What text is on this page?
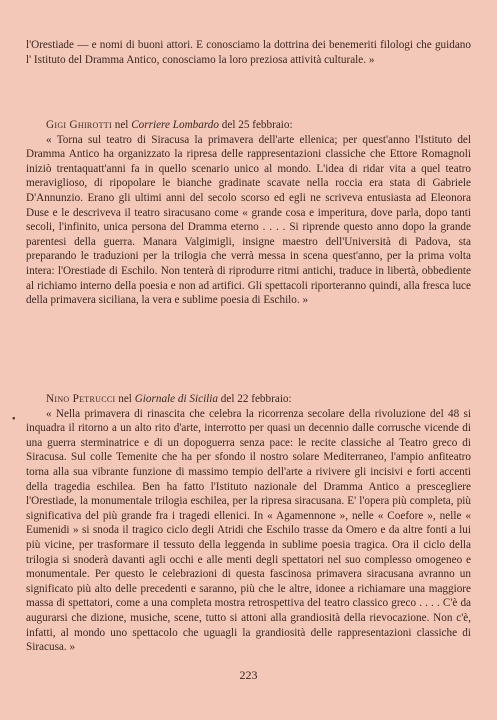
l'Orestiade — e nomi di buoni attori. E conosciamo la dottrina dei benemeriti filologi che guidano l' Istituto del Dramma Antico, conosciamo la loro preziosa attività culturale. »

Gigi Ghirotti nel Corriere Lombardo del 25 febbraio:

« Torna sul teatro di Siracusa la primavera dell'arte ellenica; per quest'anno l'Istituto del Dramma Antico ha organizzato la ripresa delle rappresentazioni classiche che Ettore Romagnoli iniziò trentaquatt'anni fa in quello scenario unico al mondo. L'idea di ridar vita a quel teatro meraviglioso, di ripopolare le bianche gradinate scavate nella roccia era stata di Gabriele D'Annunzio. Erano gli ultimi anni del secolo scorso ed egli ne scriveva entusiasta ad Eleonora Duse e le descriveva il teatro siracusano come « grande cosa e imperitura, dove parla, dopo tanti secoli, l'infinito, unica persona del Dramma eterno . . . . Si riprende questo anno dopo la grande parentesi della guerra. Manara Valgimigli, insigne maestro dell'Università di Padova, sta preparando le traduzioni per la trilogia che verrà messa in scena quest'anno, per la prima volta intera: l'Orestiade di Eschilo. Non tenterà di riprodurre ritmi antichi, traduce in libertà, obbediente al richiamo interno della poesia e non ad artifici. Gli spettacoli riporteranno quindi, alla fresca luce della primavera siciliana, la vera e sublime poesia di Eschilo. »

•

Nino Petrucci nel Giornale di Sicilia del 22 febbraio:

« Nella primavera di rinascita che celebra la ricorrenza secolare della rivoluzione del 48 si inquadra il ritorno a un alto rito d'arte, interrotto per quasi un decennio dalle corrusche vicende di una guerra sterminatrice e di un dopoguerra senza pace: le recite classiche al Teatro greco di Siracusa. Sul colle Temenite che ha per sfondo il nostro solare Mediterraneo, l'ampio anfiteatro torna alla sua vibrante funzione di massimo tempio dell'arte a rivivere gli incisivi e forti accenti della tragedia eschilea. Ben ha fatto l'Istituto nazionale del Dramma Antico a prescegliere l'Orestiade, la monumentale trilogia eschilea, per la ripresa siracusana. E' l'opera più completa, più significativa del più grande fra i tragedi ellenici. In « Agamennone », nelle « Coefore », nelle « Eumenidi » si snoda il tragico ciclo degli Atridi che Eschilo trasse da Omero e da altre fonti a lui più vicine, per trasformare il tessuto della leggenda in sublime poesia tragica. Ora il ciclo della trilogia si snoderà davanti agli occhi e alle menti degli spettatori nel suo complesso omogeneo e monumentale. Per questo le celebrazioni di questa fascinosa primavera siracusana avranno un significato più alto delle precedenti e saranno, più che le altre, idonee a richiamare una maggiore massa di spettatori, come a una completa mostra retrospettiva del teatro classico greco . . . . C'è da augurarsi che dizione, musiche, scene, tutto si attoni alla grandiosità della rievocazione. Non c'è, infatti, al mondo uno spettacolo che uguagli la grandiosità delle rappresentazioni classiche di Siracusa. »

223
